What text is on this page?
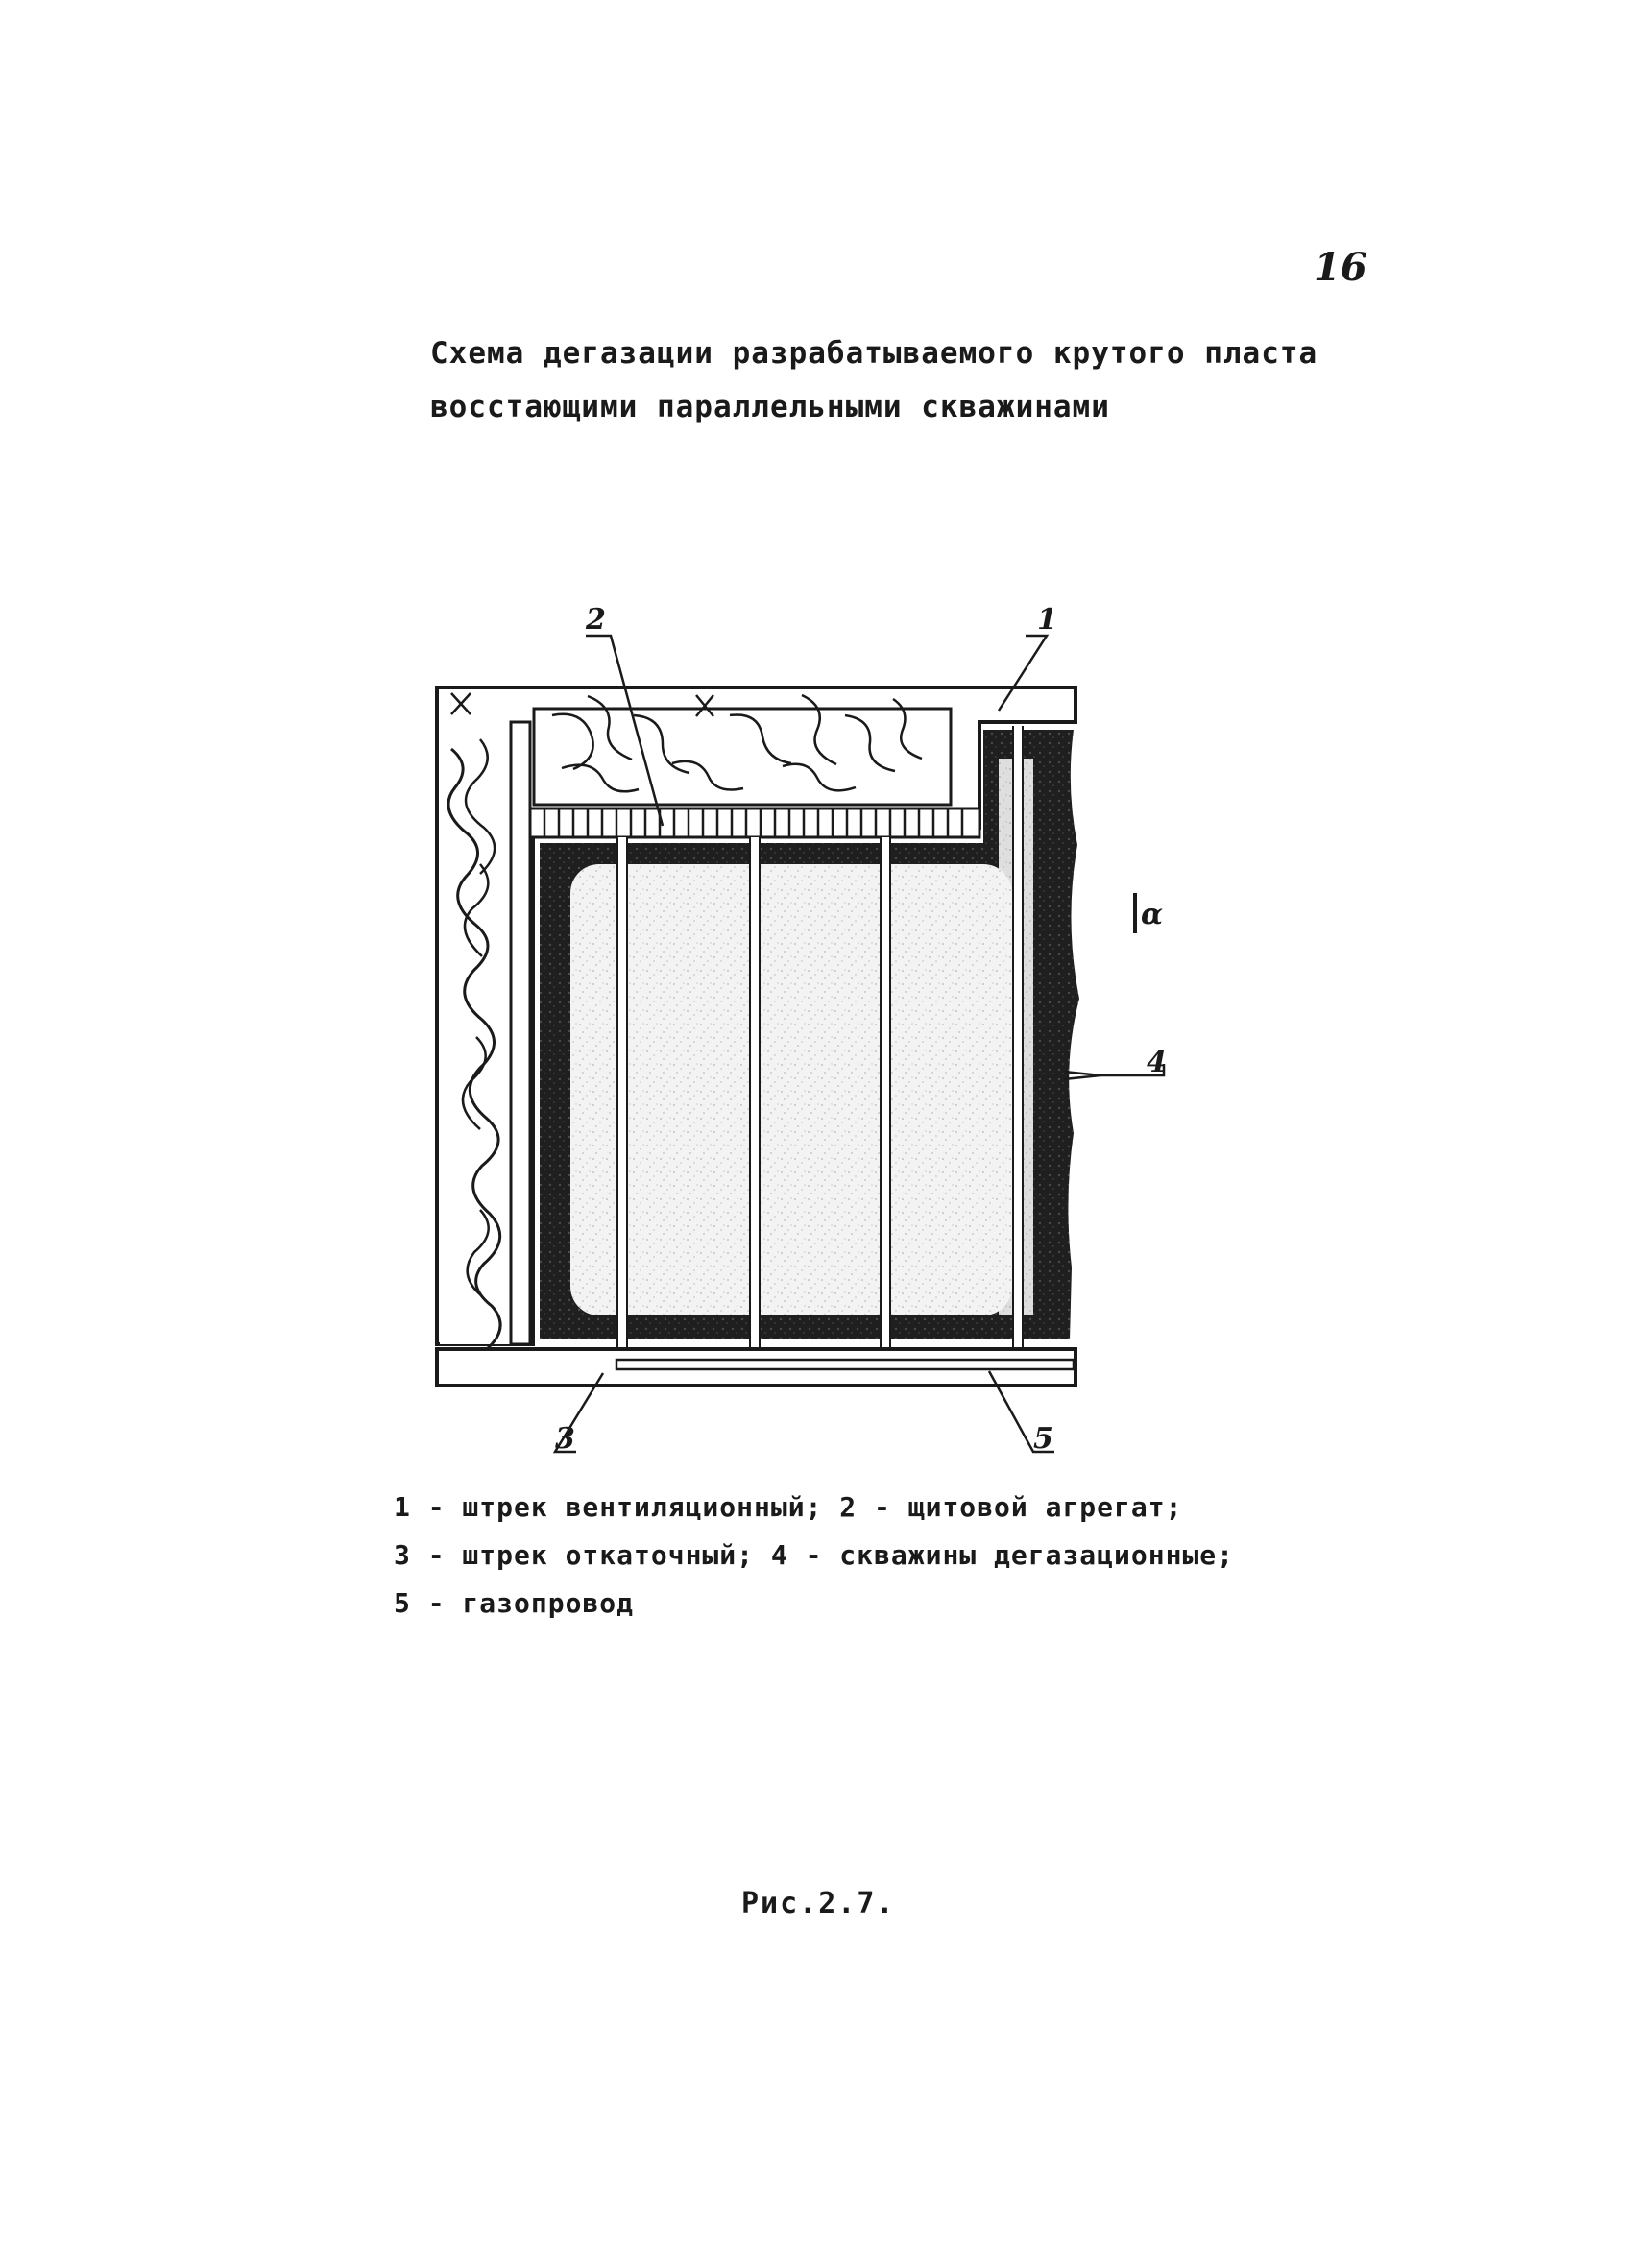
16
Схема дегазации разрабатываемого крутого пласта
восстающими параллельными скважинами
α
2	1
4
3	5
1 - штрек вентиляционный; 2 - щитовой агрегат;
3 - штрек откаточный; 4 - скважины дегазационные;
5 - газопровод
Рис.2.7.
